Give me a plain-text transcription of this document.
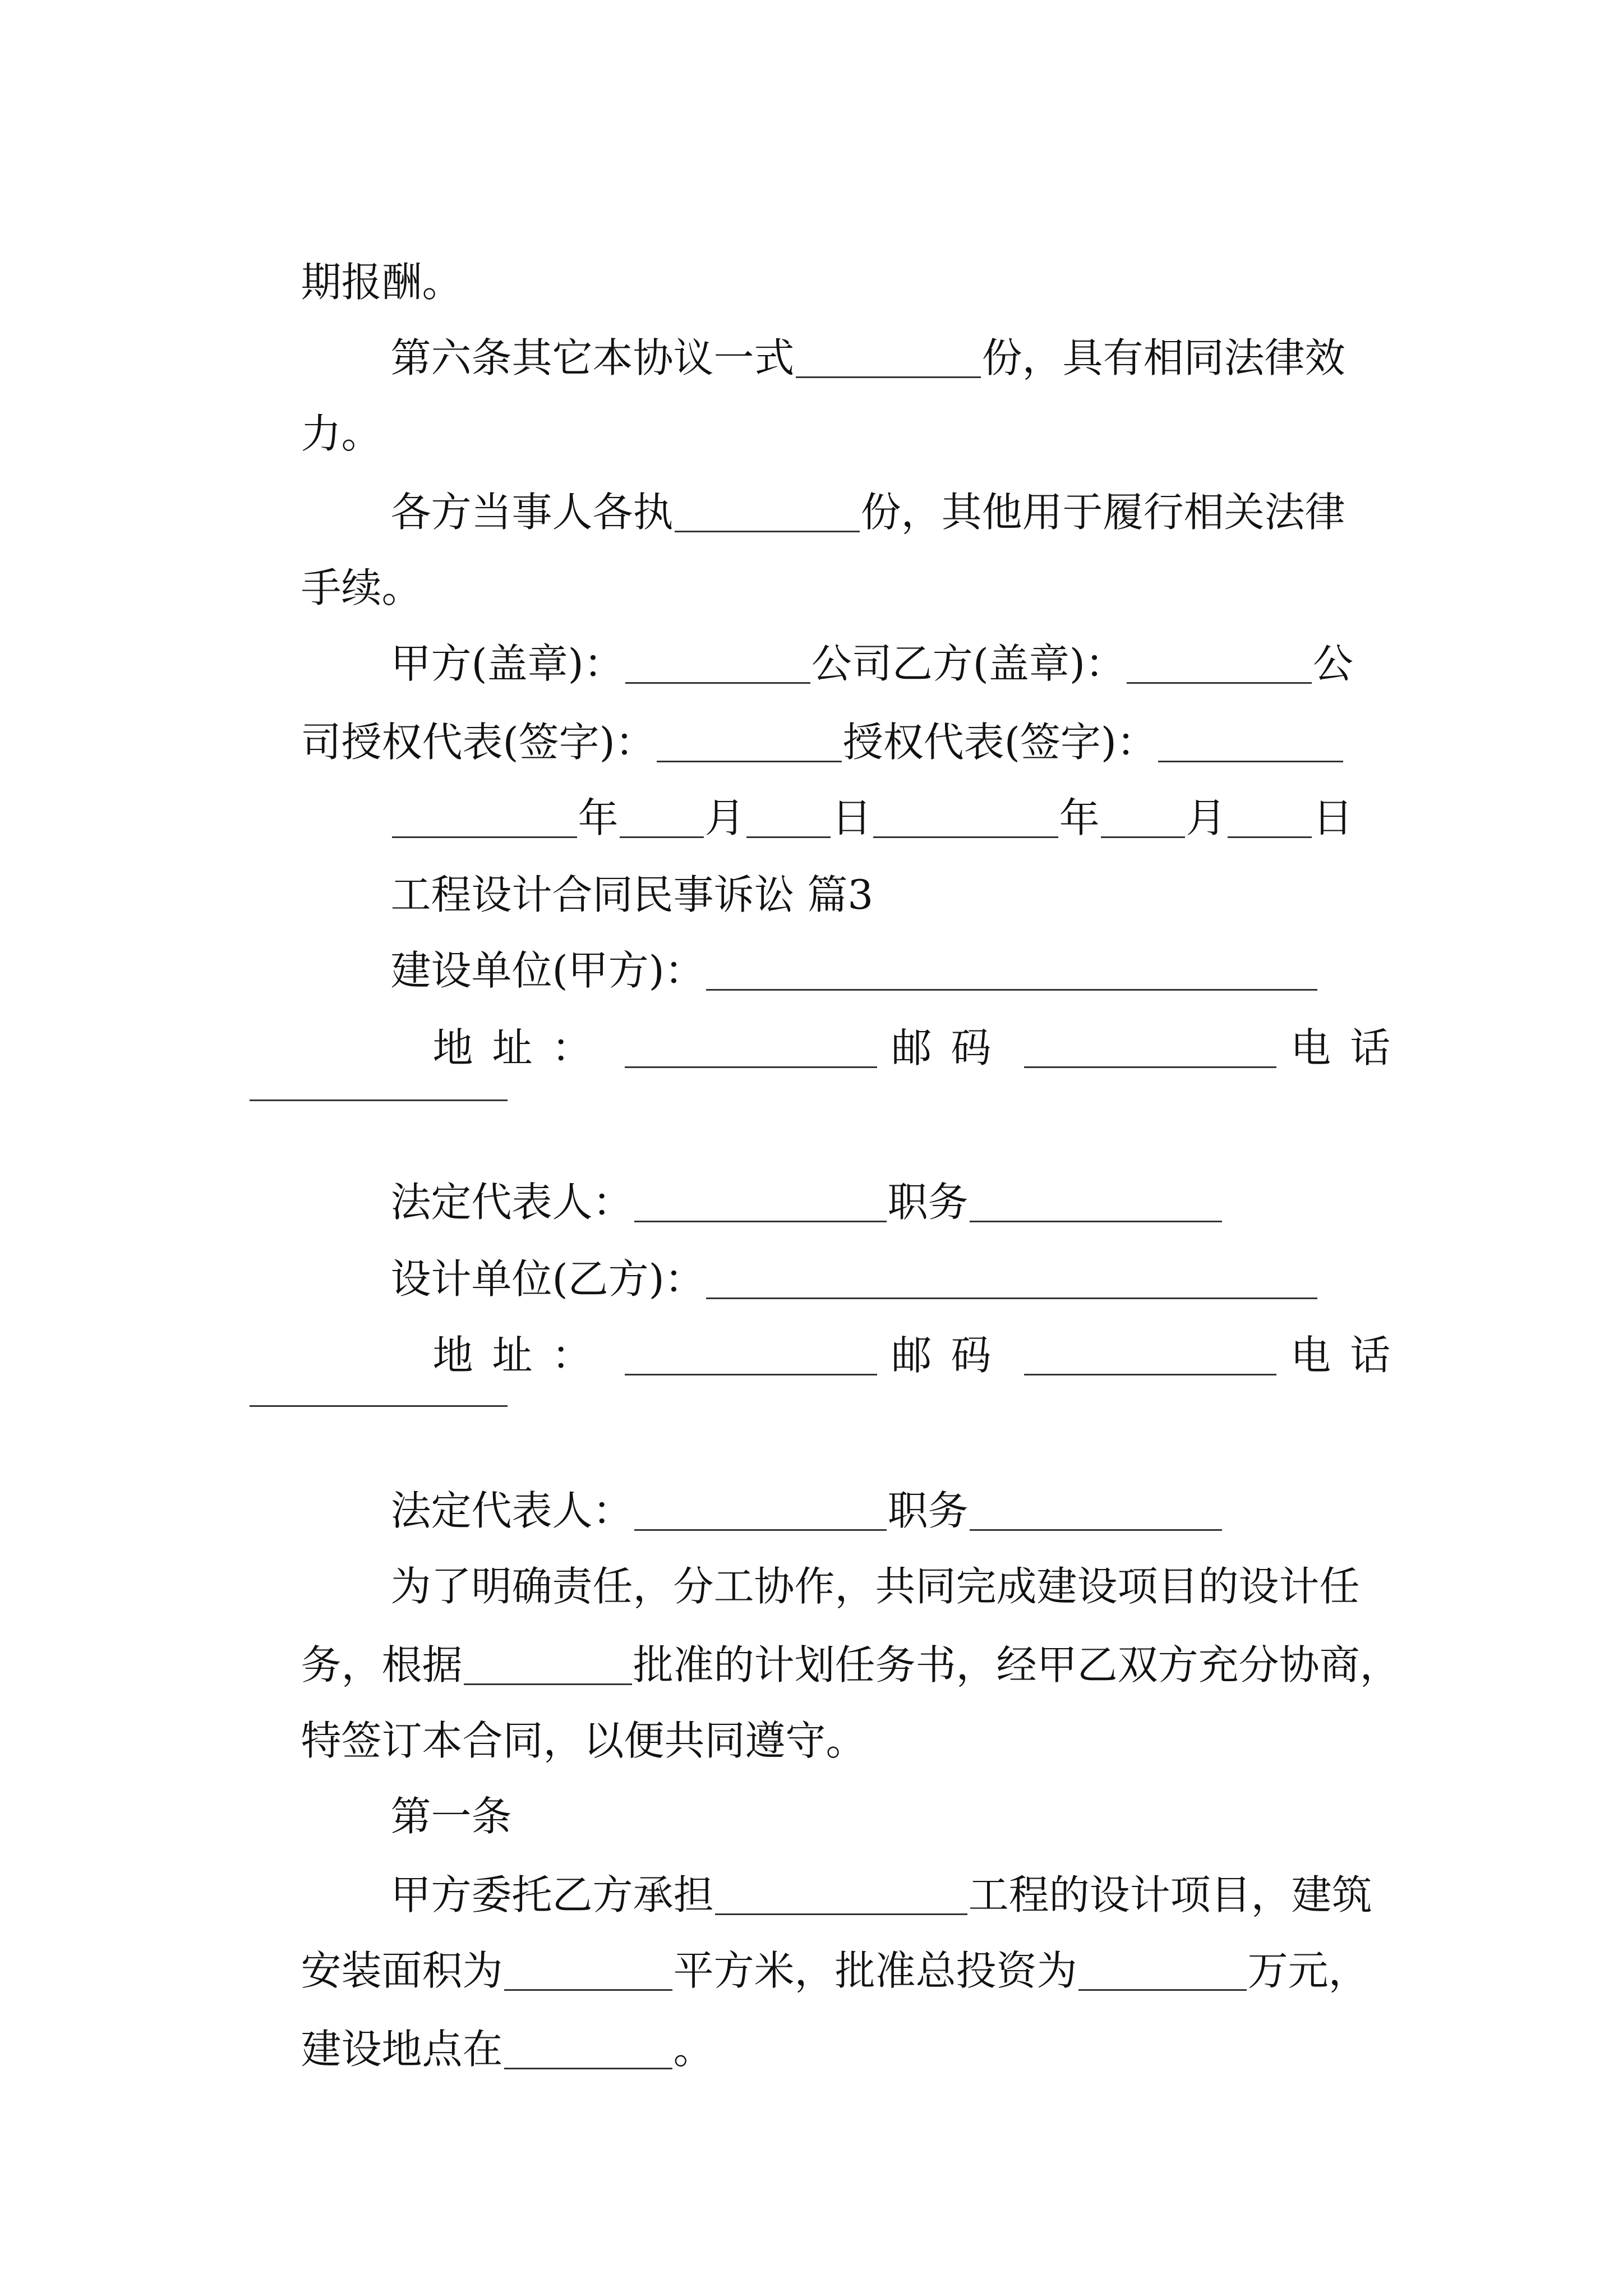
期报酬。

第六条其它本协议一式	份，具有相同法律效

力。

各方当事人各执	份，其他用于履行相关法律

手续。

甲方(盖章)：	公司乙方(盖章)：	公

司授权代表(签字)：	授权代表(签字)：

年 月 日	年 月 日

工程设计合同民事诉讼 篇3

建设单位(甲方)：

地址：	邮码	电话

法定代表人：	职务

设计单位(乙方)：

地址：	邮码	电话

法定代表人：	职务

为了明确责任，分工协作，共同完成建设项目的设计任

务，根据	批准的计划任务书，经甲乙双方充分协商，

特签订本合同，以便共同遵守。

第一条

甲方委托乙方承担	工程的设计项目，建筑

安装面积为	平方米，批准总投资为	万元，

建设地点在	。
